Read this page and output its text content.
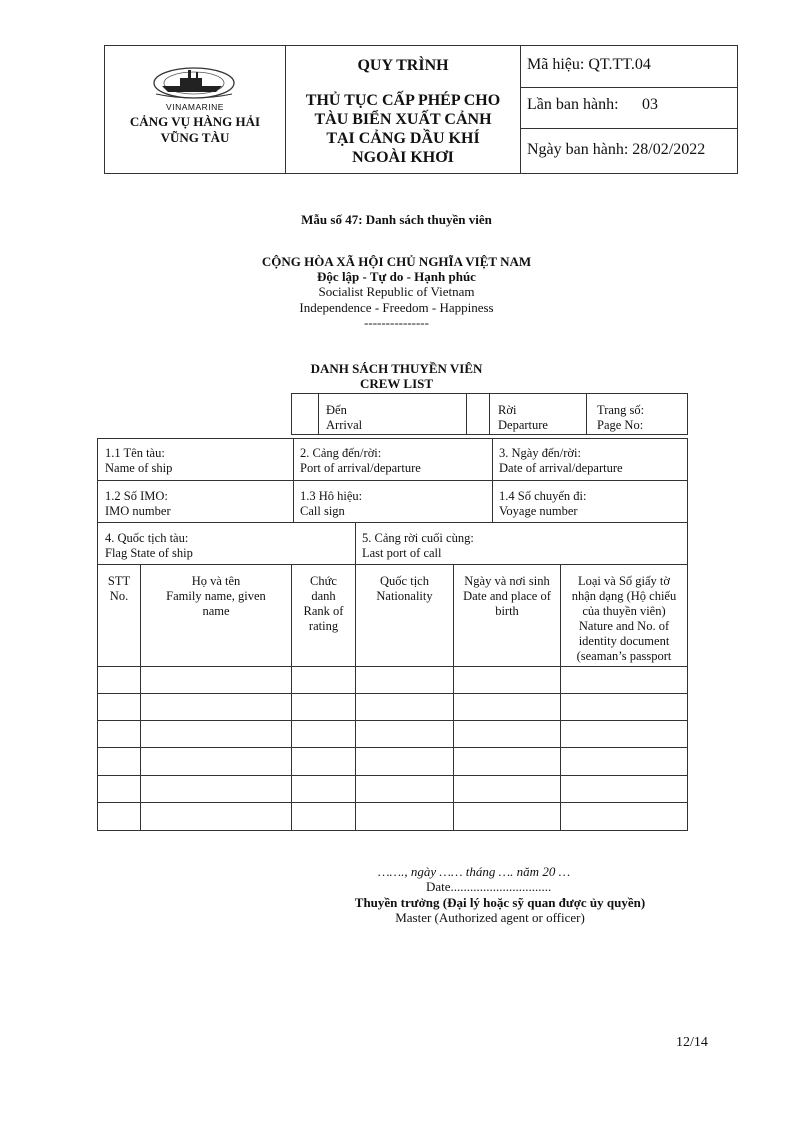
VINAMARINE
CẢNG VỤ HÀNG HẢI
VŨNG TÀU
QUY TRÌNH
THỦ TỤC CẤP PHÉP CHO
TÀU BIỂN XUẤT CẢNH
TẠI CẢNG DẦU KHÍ
NGOÀI KHƠI
Mã hiệu: QT.TT.04
Lần ban hành: 03
Ngày ban hành: 28/02/2022
Mẫu số 47: Danh sách thuyền viên
CỘNG HÒA XÃ HỘI CHỦ NGHĨA VIỆT NAM
Độc lập - Tự do - Hạnh phúc
Socialist Republic of Vietnam
Independence - Freedom - Happiness
---------------
DANH SÁCH THUYỀN VIÊN
CREW LIST
Đến
Arrival
Rời
Departure
Trang số:
Page No:
1.1 Tên tàu:
Name of ship
2. Cảng đến/rời:
Port of arrival/departure
3. Ngày đến/rời:
Date of arrival/departure
1.2 Số IMO:
IMO number
1.3 Hô hiệu:
Call sign
1.4 Số chuyến đi:
Voyage number
4. Quốc tịch tàu:
Flag State of ship
5. Cảng rời cuối cùng:
Last port of call
STT
No.
Họ và tên
Family name, given
name
Chức
danh
Rank of
rating
Quốc tịch
Nationality
Ngày và nơi sinh
Date and place of
birth
Loại và Số giấy tờ
nhận dạng (Hộ chiếu
của thuyền viên)
Nature and No. of
identity document
(seaman’s passport
……., ngày …… tháng …. năm 20 …
Date...............................
Thuyền trưởng (Đại lý hoặc sỹ quan được ủy quyền)
Master (Authorized agent or officer)
12/14
